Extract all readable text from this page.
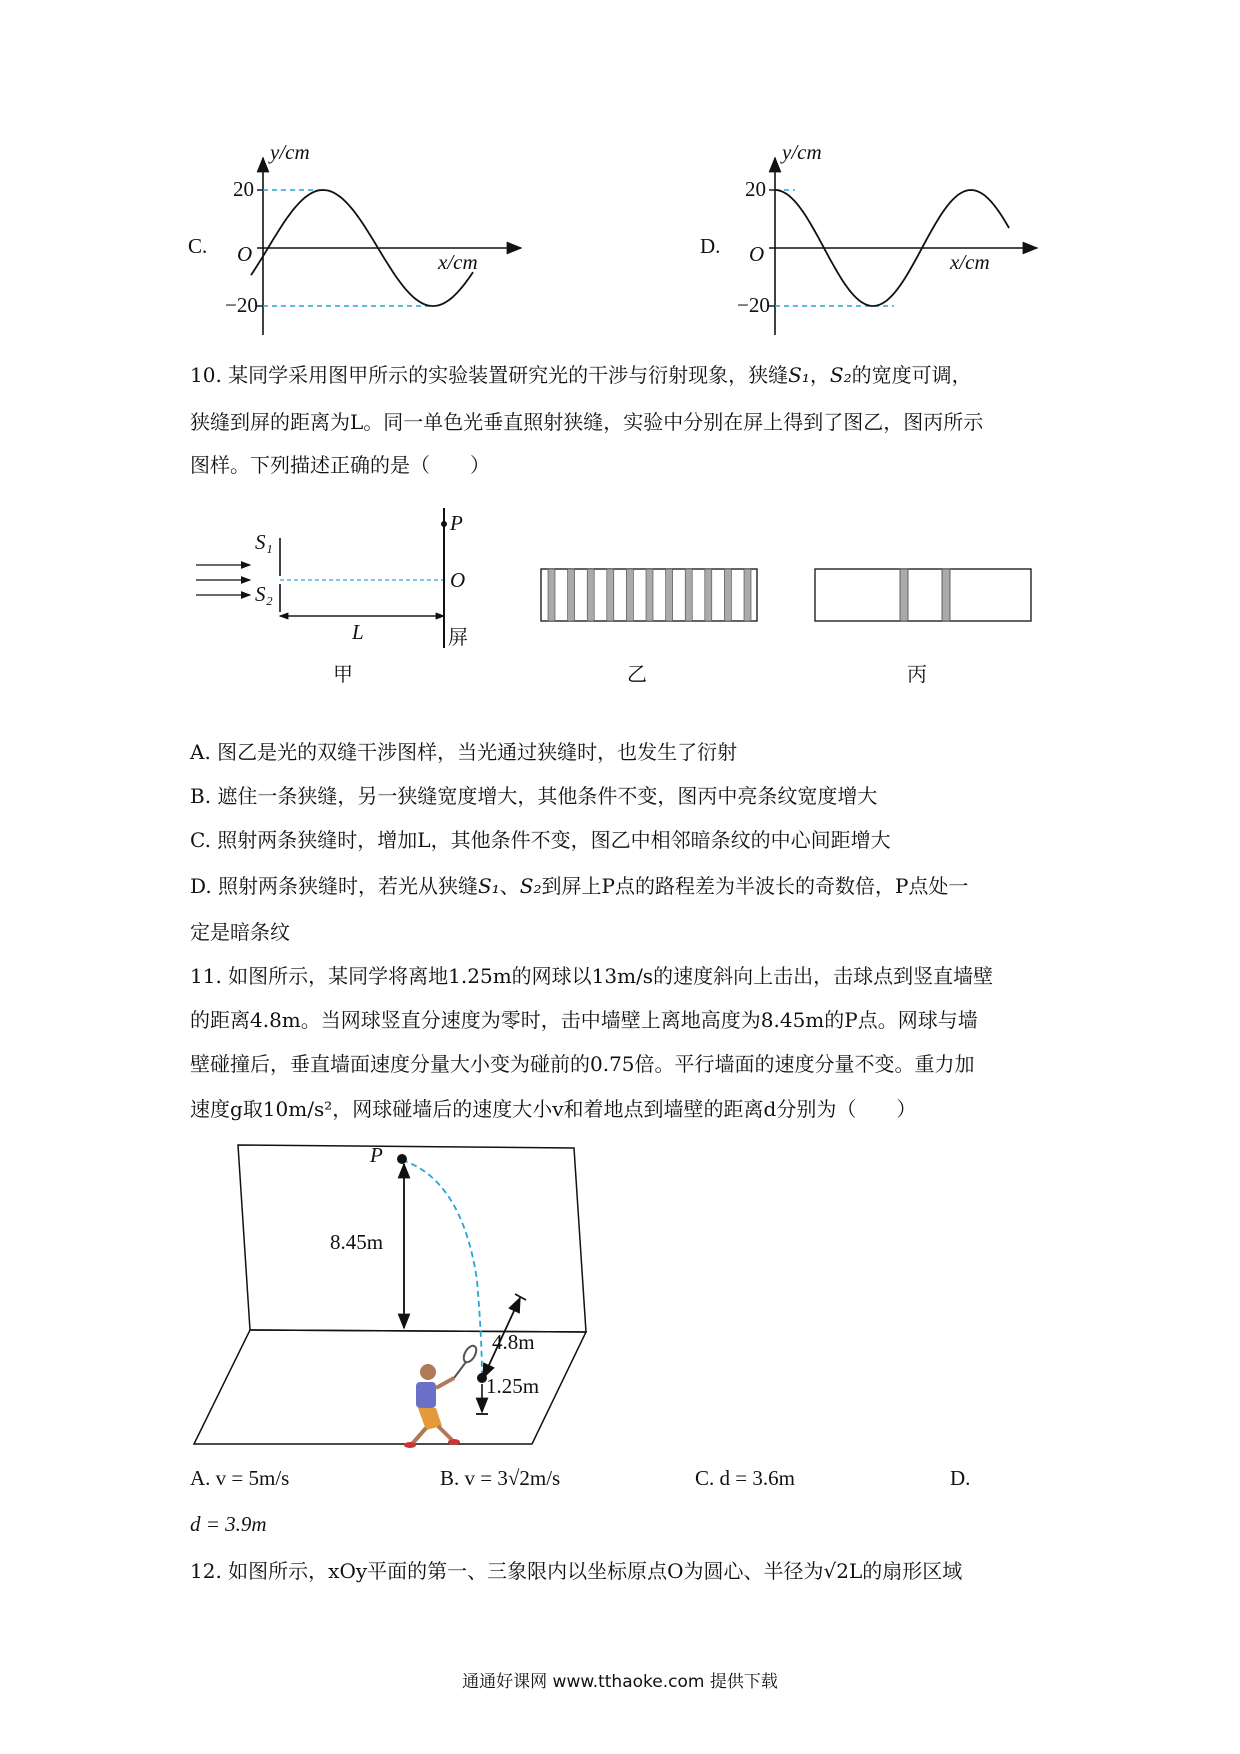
C.
y/cm
x/cm
O
20
−20
D.
y/cm
x/cm
O
20
−20
10. 某同学采用图甲所示的实验装置研究光的干涉与衍射现象，狭缝S₁，S₂的宽度可调，
狭缝到屏的距离为L。同一单色光垂直照射狭缝，实验中分别在屏上得到了图乙，图丙所示
图样。下列描述正确的是（　　）
S₁
S₂
P
O
L	屏
甲	乙	丙
A. 图乙是光的双缝干涉图样，当光通过狭缝时，也发生了衍射
B. 遮住一条狭缝，另一狭缝宽度增大，其他条件不变，图丙中亮条纹宽度增大
C. 照射两条狭缝时，增加L，其他条件不变，图乙中相邻暗条纹的中心间距增大
D. 照射两条狭缝时，若光从狭缝S₁、S₂到屏上P点的路程差为半波长的奇数倍，P点处一
定是暗条纹
11. 如图所示，某同学将离地1.25m的网球以13m/s的速度斜向上击出，击球点到竖直墙壁
的距离4.8m。当网球竖直分速度为零时，击中墙壁上离地高度为8.45m的P点。网球与墙
壁碰撞后，垂直墙面速度分量大小变为碰前的0.75倍。平行墙面的速度分量不变。重力加
速度g取10m/s²，网球碰墙后的速度大小v和着地点到墙壁的距离d分别为（　　）
P
8.45m
4.8m
1.25m
A. v = 5m/s	B. v = 3√2m/s	C. d = 3.6m	D.
d = 3.9m
12. 如图所示，xOy平面的第一、三象限内以坐标原点O为圆心、半径为√2L的扇形区域
通通好课网 www.tthaoke.com 提供下载
